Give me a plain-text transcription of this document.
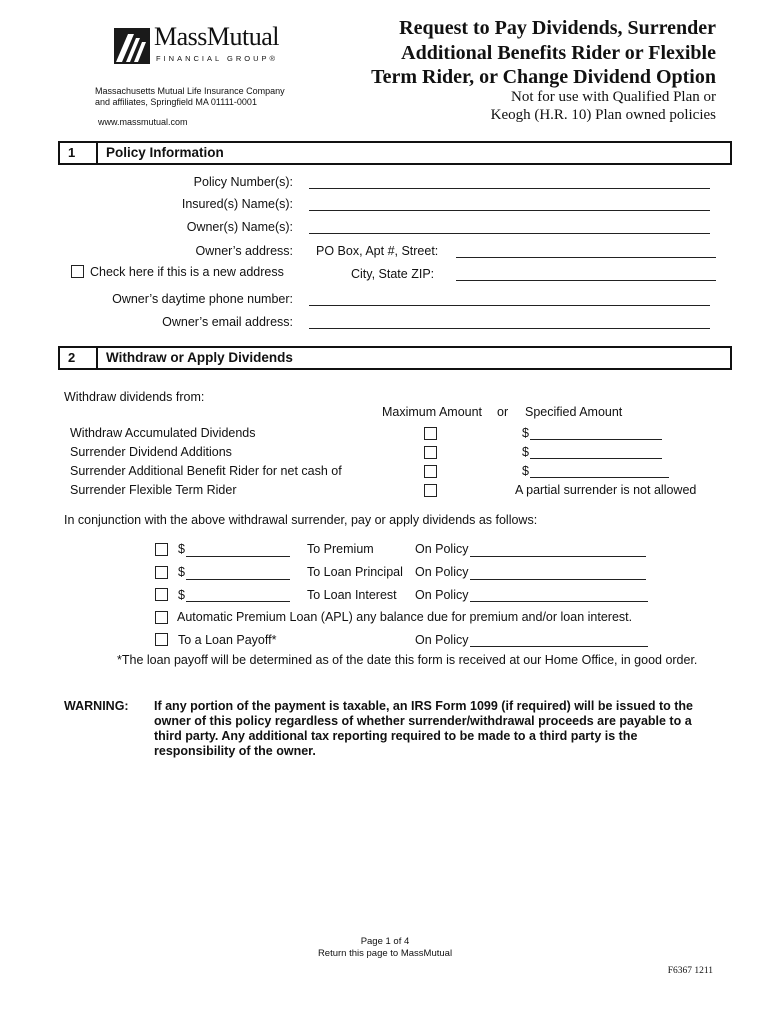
MassMutual
FINANCIAL GROUP®
Massachusetts Mutual Life Insurance Company
and affiliates, Springfield MA 01111-0001
www.massmutual.com
Request to Pay Dividends, Surrender
Additional Benefits Rider or Flexible
Term Rider, or Change Dividend Option
Not for use with Qualified Plan or
Keogh (H.R. 10) Plan owned policies
1	Policy Information
Policy Number(s):
Insured(s) Name(s):
Owner(s) Name(s):
Owner’s address: PO Box, Apt #, Street:
Check here if this is a new address	City, State ZIP:
Owner’s daytime phone number:
Owner’s email address:
2	Withdraw or Apply Dividends
Withdraw dividends from:
Maximum Amount or Specified Amount
Withdraw Accumulated Dividends	$
Surrender Dividend Additions	$
Surrender Additional Benefit Rider for net cash of	$
Surrender Flexible Term Rider	A partial surrender is not allowed
In conjunction with the above withdrawal surrender, pay or apply dividends as follows:
$	To Premium	On Policy
$	To Loan Principal On Policy
$	To Loan Interest On Policy
Automatic Premium Loan (APL) any balance due for premium and/or loan interest.
To a Loan Payoff*	On Policy
*The loan payoff will be determined as of the date this form is received at our Home Office, in good order.
WARNING: If any portion of the payment is taxable, an IRS Form 1099 (if required) will be issued to the
owner of this policy regardless of whether surrender/withdrawal proceeds are payable to a
third party. Any additional tax reporting required to be made to a third party is the
responsibility of the owner.
Page 1 of 4
Return this page to MassMutual
F6367 1211
